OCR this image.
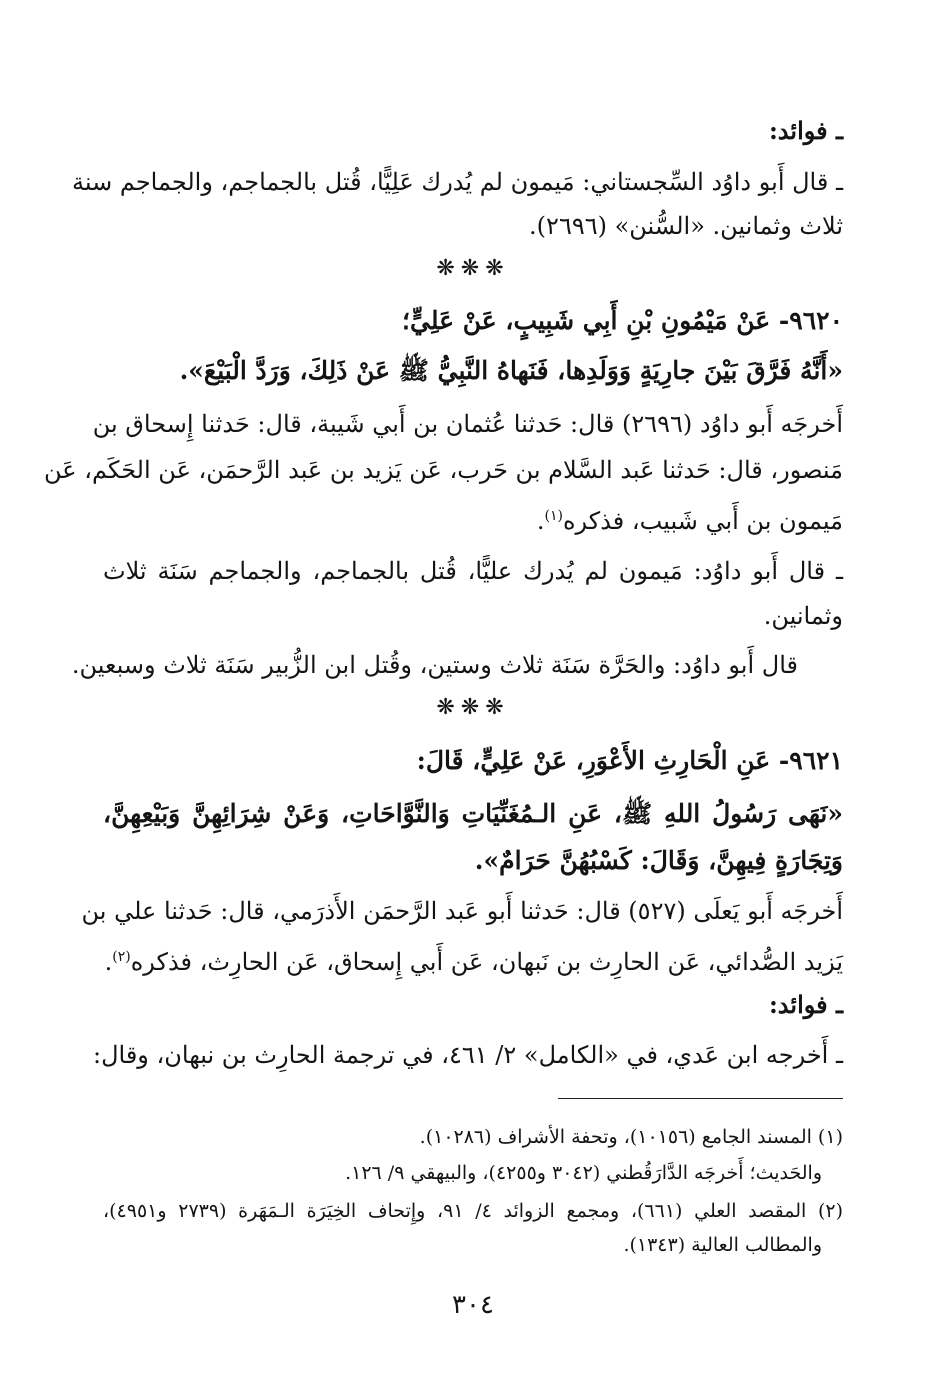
ـ فوائد:
ـ قال أَبو داوُد السِّجستاني: مَيمون لم يُدرك عَلِيًّا، قُتل بالجماجم، والجماجم سنة
ثلاث وثمانين. «السُّنن» (٢٦٩٦).
❋❋❋
٩٦٢٠- عَنْ مَيْمُونِ بْنِ أَبِي شَبِيبٍ، عَنْ عَلِيٍّ؛
«أَنَّهُ فَرَّقَ بَيْنَ جارِيَةٍ وَوَلَدِها، فَنَهاهُ النَّبِيُّ ﷺ عَنْ ذَلِكَ، وَرَدَّ الْبَيْعَ».
أَخرجَه أَبو داوُد (٢٦٩٦) قال: حَدثنا عُثمان بن أَبي شَيبة، قال: حَدثنا إِسحاق بن
مَنصور، قال: حَدثنا عَبد السَّلام بن حَرب، عَن يَزيد بن عَبد الرَّحمَن، عَن الحَكَم، عَن
مَيمون بن أَبي شَبيب، فذكره$^{(١)}$.
ـ قال أَبو داوُد: مَيمون لم يُدرك عليًّا، قُتل بالجماجم، والجماجم سَنَة ثلاث
وثمانين.
قال أَبو داوُد: والحَرَّة سَنَة ثلاث وستين، وقُتل ابن الزُّبير سَنَة ثلاث وسبعين.
❋❋❋
٩٦٢١- عَنِ الْحَارِثِ الأَعْوَرِ، عَنْ عَلِيٍّ، قَالَ:
«نَهَى رَسُولُ اللهِ ﷺ، عَنِ الـمُغَنِّيَاتِ وَالنَّوَّاحَاتِ، وَعَنْ شِرَائِهِنَّ وَبَيْعِهِنَّ،
وَتِجَارَةٍ فِيهِنَّ، وَقَالَ: كَسْبُهُنَّ حَرَامٌ».
أَخرجَه أَبو يَعلَى (٥٢٧) قال: حَدثنا أَبو عَبد الرَّحمَن الأَذرَمي، قال: حَدثنا علي بن
يَزيد الصُّدائي، عَن الحارِث بن نَبهان، عَن أَبي إِسحاق، عَن الحارِث، فذكره$^{(٢)}$.
ـ فوائد:
ـ أَخرجه ابن عَدي، في «الكامل» ٢/ ٤٦١، في ترجمة الحارِث بن نبهان، وقال:
(١) المسند الجامع (١٠١٥٦)، وتحفة الأشراف (١٠٢٨٦).
والحَديث؛ أَخرجَه الدَّارَقُطني (٣٠٤٢ و٤٢٥٥)، والبيهقي ٩/ ١٢٦.
(٢) المقصد العلي (٦٦١)، ومجمع الزوائد ٤/ ٩١، وإِتحاف الخِيَرَة الـمَهَرة (٢٧٣٩ و٤٩٥١)،
والمطالب العالية (١٣٤٣).
٣٠٤
